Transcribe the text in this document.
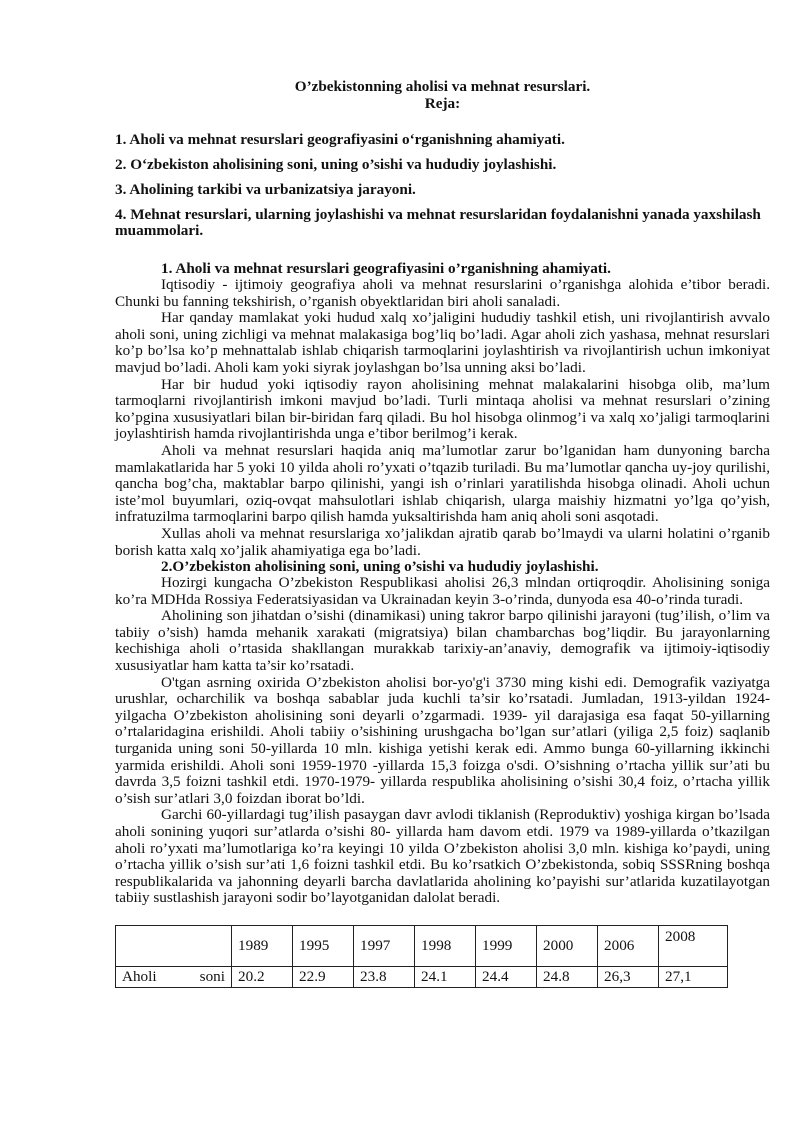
O’zbekistonning aholisi va mehnat resurslari.

Reja:

1. Aholi va mehnat resurslari geografiyasini o‘rganishning ahamiyati.

2. O‘zbekiston aholisining soni, uning o’sishi va hududiy joylashishi.

3. Aholining tarkibi va urbanizatsiya jarayoni.

4. Mehnat resurslari, ularning joylashishi va mehnat resurslaridan foydalanishni yanada yaxshilash muammolari.

1. Aholi va mehnat resurslari geografiyasini o’rganishning ahamiyati.

Iqtisodiy - ijtimoiy geografiya aholi va mehnat resurslarini o’rganishga alohida e’tibor beradi. Chunki bu fanning tekshirish, o’rganish obyektlaridan biri aholi sanaladi.

Har qanday mamlakat yoki hudud xalq xo’jaligini hududiy tashkil etish, uni rivojlantirish avvalo aholi soni, uning zichligi va mehnat malakasiga bog’liq bo’ladi. Agar aholi zich yashasa, mehnat resurslari ko’p bo’lsa ko’p mehnattalab ishlab chiqarish tarmoqlarini joylashtirish va rivojlantirish uchun imkoniyat mavjud bo’ladi. Aholi kam yoki siyrak joylashgan bo’lsa unning aksi bo’ladi.

Har bir hudud yoki iqtisodiy rayon aholisining mehnat malakalarini hisobga olib, ma’lum tarmoqlarni rivojlantirish imkoni mavjud bo’ladi. Turli mintaqa aholisi va mehnat resurslari o’zining ko’pgina xususiyatlari bilan bir-biridan farq qiladi. Bu hol hisobga olinmog’i va xalq xo’jaligi tarmoqlarini joylashtirish hamda rivojlantirishda unga e’tibor berilmog’i kerak.

Aholi va mehnat resurslari haqida aniq ma’lumotlar zarur bo’lganidan ham dunyoning barcha mamlakatlarida har 5 yoki 10 yilda aholi ro’yxati o’tqazib turiladi. Bu ma’lumotlar qancha uy-joy qurilishi, qancha bog’cha, maktablar barpo qilinishi, yangi ish o’rinlari yaratilishda hisobga olinadi. Aholi uchun iste’mol buyumlari, oziq-ovqat mahsulotlari ishlab chiqarish, ularga maishiy hizmatni yo’lga qo’yish, infratuzilma tarmoqlarini barpo qilish hamda yuksaltirishda ham aniq aholi soni asqotadi.

Xullas aholi va mehnat resurslariga xo’jalikdan ajratib qarab bo’lmaydi va ularni holatini o’rganib borish katta xalq xo’jalik ahamiyatiga ega bo’ladi.

2.O’zbekiston aholisining soni, uning o’sishi va hududiy joylashishi.

Hozirgi kungacha O’zbekiston Respublikasi aholisi 26,3 mlndan ortiqroqdir. Aholisining soniga ko’ra MDHda Rossiya Federatsiyasidan va Ukrainadan keyin 3-o’rinda, dunyoda esa 40-o’rinda turadi.

Aholining son jihatdan o’sishi (dinamikasi) uning takror barpo qilinishi jarayoni (tug’ilish, o’lim va tabiiy o’sish) hamda mehanik xarakati (migratsiya) bilan chambarchas bog’liqdir. Bu jarayonlarning kechishiga aholi o’rtasida shakllangan murakkab tarixiy-an’anaviy, demografik va ijtimoiy-iqtisodiy xususiyatlar ham katta ta’sir ko’rsatadi.

O'tgan asrning oxirida O’zbekiston aholisi bor-yo'g'i 3730 ming kishi edi. Demografik vaziyatga urushlar, ocharchilik va boshqa sabablar juda kuchli ta’sir ko’rsatadi. Jumladan, 1913-yildan 1924- yilgacha O’zbekiston aholisining soni deyarli o’zgarmadi. 1939- yil darajasiga esa faqat 50-yillarning o’rtalaridagina erishildi. Aholi tabiiy o’sishining urushgacha bo’lgan sur’atlari (yiliga 2,5 foiz) saqlanib turganida uning soni 50-yillarda 10 mln. kishiga yetishi kerak edi. Ammo bunga 60-yillarning ikkinchi yarmida erishildi. Aholi soni 1959-1970 -yillarda 15,3 foizga o'sdi. O’sishning o’rtacha yillik sur’ati bu davrda 3,5 foizni tashkil etdi. 1970-1979- yillarda respublika aholisining o’sishi 30,4 foiz, o’rtacha yillik o’sish sur’atlari 3,0 foizdan iborat bo’ldi.

Garchi 60-yillardagi tug’ilish pasaygan davr avlodi tiklanish (Reproduktiv) yoshiga kirgan bo’lsada aholi sonining yuqori sur’atlarda o’sishi 80- yillarda ham davom etdi. 1979 va 1989-yillarda o’tkazilgan aholi ro’yxati ma’lumotlariga ko’ra keyingi 10 yilda O’zbekiston aholisi 3,0 mln. kishiga ko’paydi, uning o’rtacha yillik o’sish sur’ati 1,6 foizni tashkil etdi. Bu ko’rsatkich O’zbekistonda, sobiq SSSRning boshqa respublikalarida va jahonning deyarli barcha davlatlarida aholining ko’payishi sur’atlarida kuzatilayotgan tabiiy sustlashish jarayoni sodir bo’layotganidan dalolat beradi.

	1989	1995	1997	1998	1999	2000	2006	2008

Aholi soni	20.2	22.9	23.8	24.1	24.4	24.8	26,3	27,1
